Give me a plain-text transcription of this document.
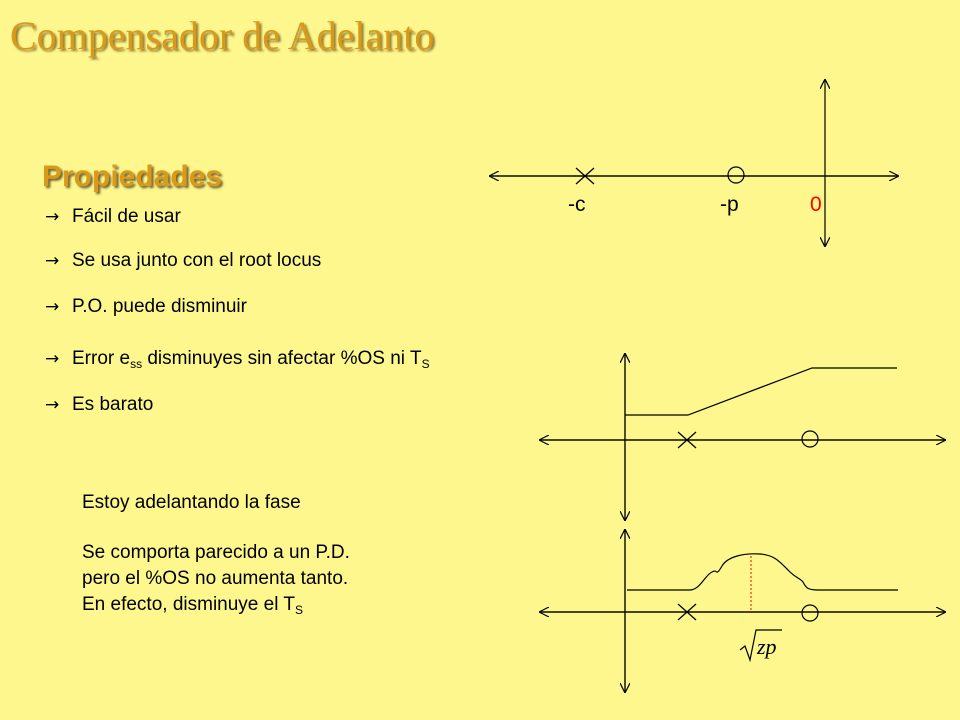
Compensador de Adelanto
Propiedades
→ Fácil de usar
→ Se usa junto con el root locus
→ P.O. puede disminuir
→ Error $e_{ss}$ disminuyes sin afectar %OS ni $T_S$
→ Es barato
Estoy adelantando la fase
Se comporta parecido a un P.D.
pero el %OS no aumenta tanto.
En efecto, disminuye el $T_S$
-c	-p	0
zp
